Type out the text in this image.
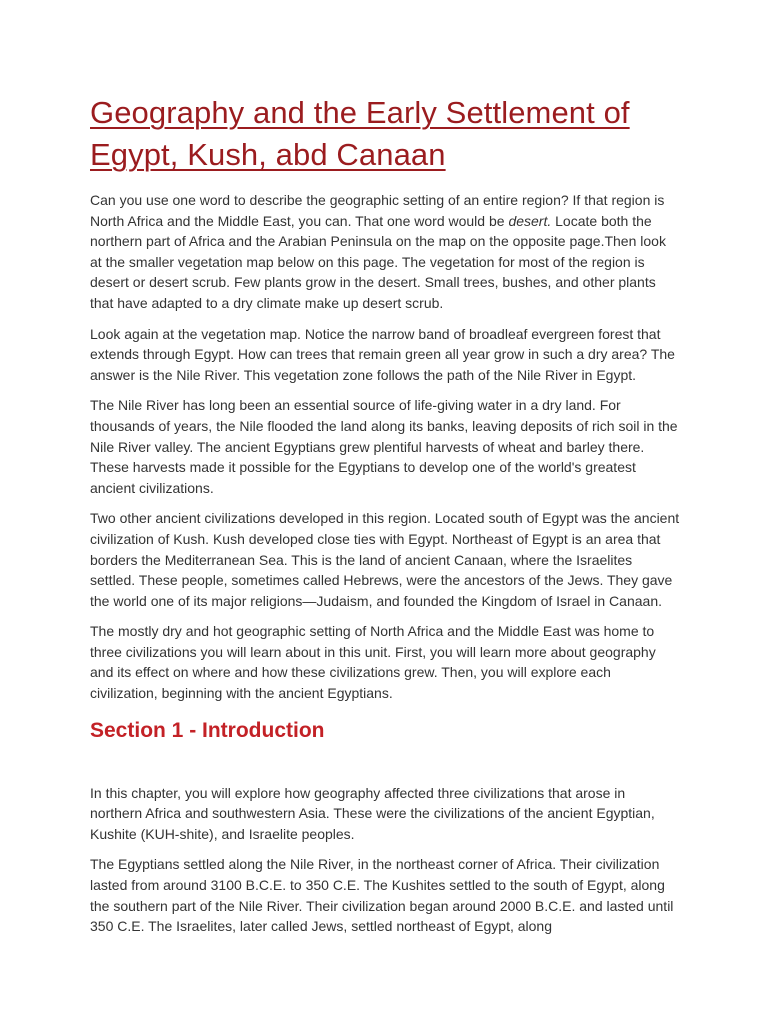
Geography and the Early Settlement of Egypt, Kush, abd Canaan

Can you use one word to describe the geographic setting of an entire region? If that region is North Africa and the Middle East, you can. That one word would be desert. Locate both the northern part of Africa and the Arabian Peninsula on the map on the opposite page.Then look at the smaller vegetation map below on this page. The vegetation for most of the region is desert or desert scrub. Few plants grow in the desert. Small trees, bushes, and other plants that have adapted to a dry climate make up desert scrub.

Look again at the vegetation map. Notice the narrow band of broadleaf evergreen forest that extends through Egypt. How can trees that remain green all year grow in such a dry area? The answer is the Nile River. This vegetation zone follows the path of the Nile River in Egypt.

The Nile River has long been an essential source of life-giving water in a dry land. For thousands of years, the Nile flooded the land along its banks, leaving deposits of rich soil in the Nile River valley. The ancient Egyptians grew plentiful harvests of wheat and barley there. These harvests made it possible for the Egyptians to develop one of the world's greatest ancient civilizations.

Two other ancient civilizations developed in this region. Located south of Egypt was the ancient civilization of Kush. Kush developed close ties with Egypt. Northeast of Egypt is an area that borders the Mediterranean Sea. This is the land of ancient Canaan, where the Israelites settled. These people, sometimes called Hebrews, were the ancestors of the Jews. They gave the world one of its major religions—Judaism, and founded the Kingdom of Israel in Canaan.

The mostly dry and hot geographic setting of North Africa and the Middle East was home to three civilizations you will learn about in this unit. First, you will learn more about geography and its effect on where and how these civilizations grew. Then, you will explore each civilization, beginning with the ancient Egyptians.

Section 1 - Introduction

In this chapter, you will explore how geography affected three civilizations that arose in northern Africa and southwestern Asia. These were the civilizations of the ancient Egyptian, Kushite (KUH-shite), and Israelite peoples.

The Egyptians settled along the Nile River, in the northeast corner of Africa. Their civilization lasted from around 3100 B.C.E. to 350 C.E. The Kushites settled to the south of Egypt, along the southern part of the Nile River. Their civilization began around 2000 B.C.E. and lasted until 350 C.E. The Israelites, later called Jews, settled northeast of Egypt, along
